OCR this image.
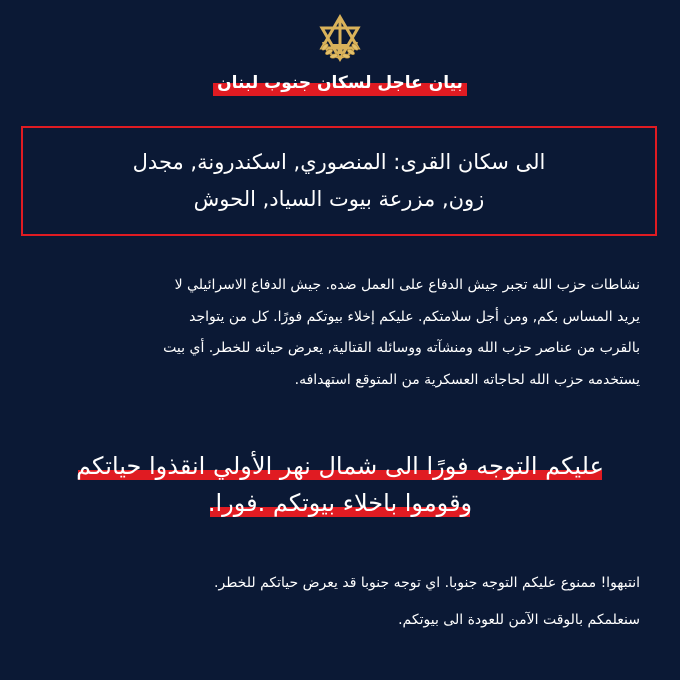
بيان عاجل لسكان جنوب لبنان
الى سكان القرى: المنصوري, اسكندرونة, مجدل
زون, مزرعة بيوت السياد, الحوش
نشاطات حزب الله تجبر جيش الدفاع على العمل ضده. جيش الدفاع الاسرائيلي لا
يريد المساس بكم, ومن أجل سلامتكم. عليكم إخلاء بيوتكم فورًا. كل من يتواجد
بالقرب من عناصر حزب الله ومنشآته ووسائله القتالية, يعرض حياته للخطر. أي بيت
يستخدمه حزب الله لحاجاته العسكرية من المتوقع استهدافه.
عليكم التوجه فورًا الى شمال نهر الأولي انقذوا حياتكم
وقوموا باخلاء بيوتكم .فورا.
انتبهوا! ممنوع عليكم التوجه جنوبا. اي توجه جنوبا قد يعرض حياتكم للخطر.
سنعلمكم بالوقت الآمن للعودة الى بيوتكم.
